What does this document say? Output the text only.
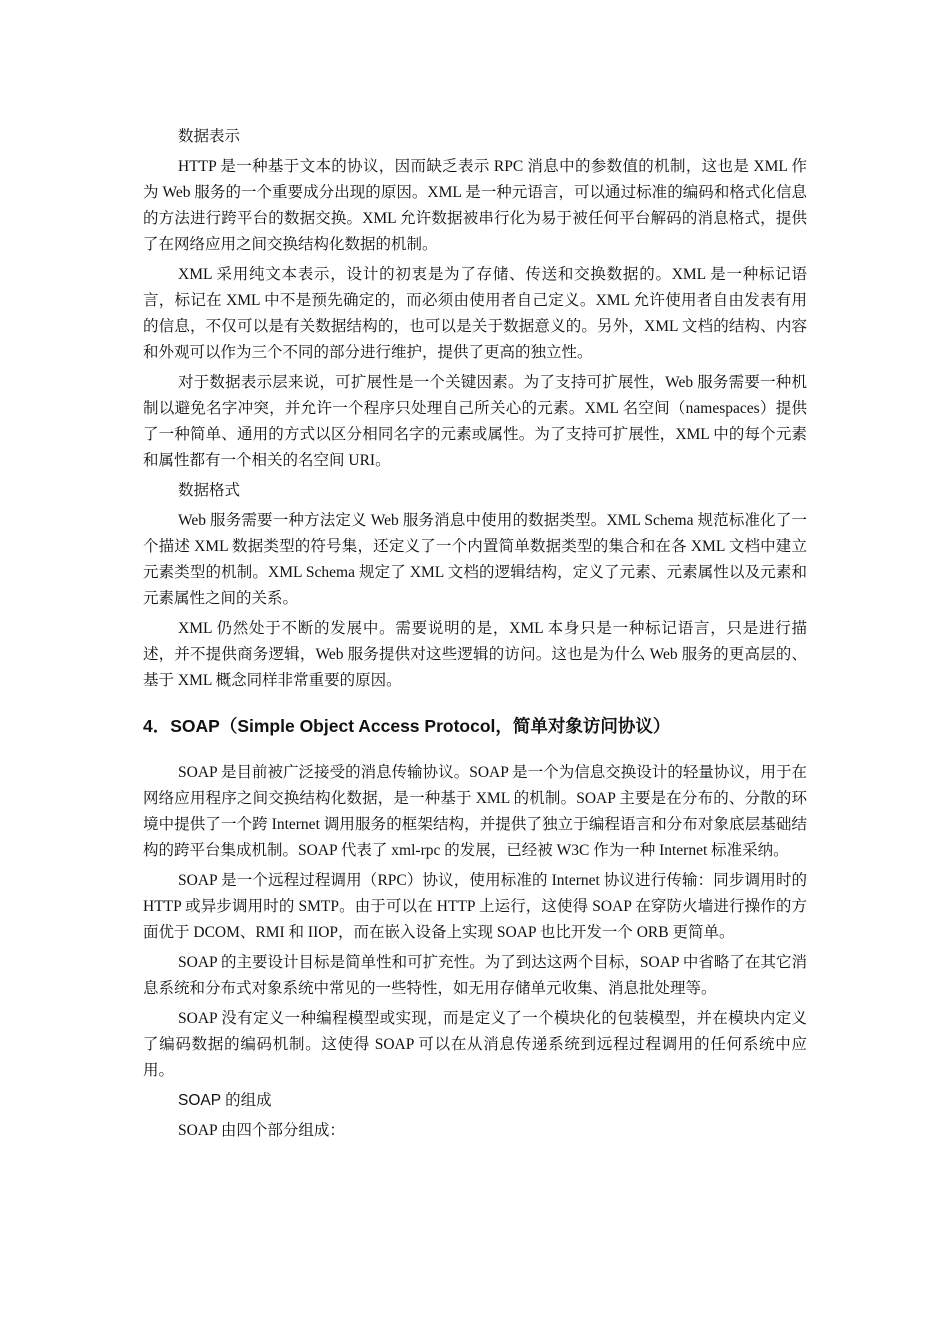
数据表示

HTTP 是一种基于文本的协议，因而缺乏表示 RPC 消息中的参数值的机制，这也是 XML 作为 Web 服务的一个重要成分出现的原因。XML 是一种元语言，可以通过标准的编码和格式化信息的方法进行跨平台的数据交换。XML 允许数据被串行化为易于被任何平台解码的消息格式，提供了在网络应用之间交换结构化数据的机制。

XML 采用纯文本表示，设计的初衷是为了存储、传送和交换数据的。XML 是一种标记语言，标记在 XML 中不是预先确定的，而必须由使用者自己定义。XML 允许使用者自由发表有用的信息，不仅可以是有关数据结构的，也可以是关于数据意义的。另外，XML 文档的结构、内容和外观可以作为三个不同的部分进行维护，提供了更高的独立性。

对于数据表示层来说，可扩展性是一个关键因素。为了支持可扩展性，Web 服务需要一种机制以避免名字冲突，并允许一个程序只处理自己所关心的元素。XML 名空间（namespaces）提供了一种简单、通用的方式以区分相同名字的元素或属性。为了支持可扩展性，XML 中的每个元素和属性都有一个相关的名空间 URI。

数据格式

Web 服务需要一种方法定义 Web 服务消息中使用的数据类型。XML Schema 规范标准化了一个描述 XML 数据类型的符号集，还定义了一个内置简单数据类型的集合和在各 XML 文档中建立元素类型的机制。XML Schema 规定了 XML 文档的逻辑结构，定义了元素、元素属性以及元素和元素属性之间的关系。

XML 仍然处于不断的发展中。需要说明的是，XML 本身只是一种标记语言，只是进行描述，并不提供商务逻辑，Web 服务提供对这些逻辑的访问。这也是为什么 Web 服务的更高层的、基于 XML 概念同样非常重要的原因。

4．SOAP（Simple Object Access Protocol，简单对象访问协议）

SOAP 是目前被广泛接受的消息传输协议。SOAP 是一个为信息交换设计的轻量协议，用于在网络应用程序之间交换结构化数据，是一种基于 XML 的机制。SOAP 主要是在分布的、分散的环境中提供了一个跨 Internet 调用服务的框架结构，并提供了独立于编程语言和分布对象底层基础结构的跨平台集成机制。SOAP 代表了 xml-rpc 的发展，已经被 W3C 作为一种 Internet 标准采纳。

SOAP 是一个远程过程调用（RPC）协议，使用标准的 Internet 协议进行传输：同步调用时的 HTTP 或异步调用时的 SMTP。由于可以在 HTTP 上运行，这使得 SOAP 在穿防火墙进行操作的方面优于 DCOM、RMI 和 IIOP，而在嵌入设备上实现 SOAP 也比开发一个 ORB 更简单。

SOAP 的主要设计目标是简单性和可扩充性。为了到达这两个目标，SOAP 中省略了在其它消息系统和分布式对象系统中常见的一些特性，如无用存储单元收集、消息批处理等。

SOAP 没有定义一种编程模型或实现，而是定义了一个模块化的包装模型，并在模块内定义了编码数据的编码机制。这使得 SOAP 可以在从消息传递系统到远程过程调用的任何系统中应用。

SOAP 的组成

SOAP 由四个部分组成：
